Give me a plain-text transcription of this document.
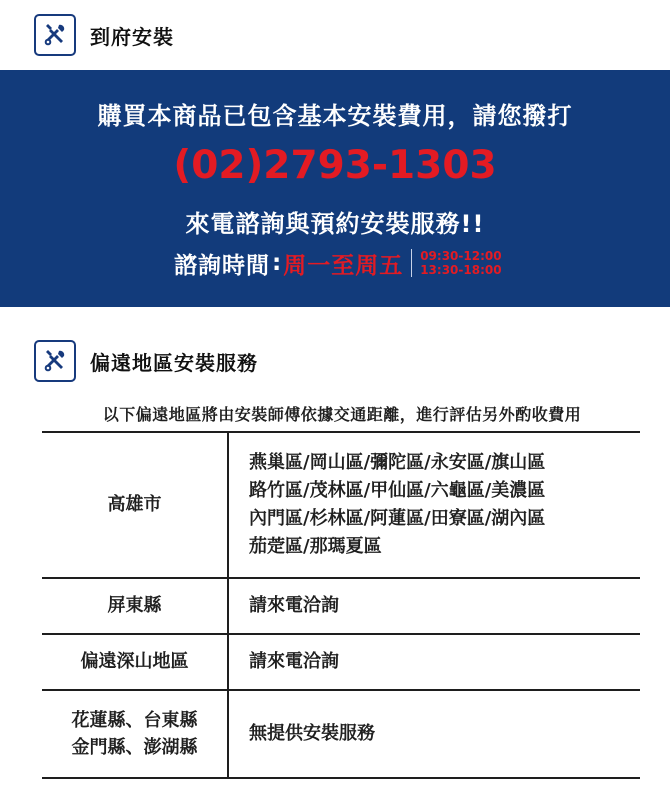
到府安裝
購買本商品已包含基本安裝費用，請您撥打
(02)2793-1303
來電諮詢與預約安裝服務!!
諮詢時間 : 周一至周五 09:30-12:00
13:30-18:00
偏遠地區安裝服務
以下偏遠地區將由安裝師傅依據交通距離，進行評估另外酌收費用
高雄市	燕巢區/岡山區/彌陀區/永安區/旗山區
路竹區/茂林區/甲仙區/六龜區/美濃區
內門區/杉林區/阿蓮區/田寮區/湖內區
茄萣區/那瑪夏區

屏東縣	請來電洽詢
偏遠深山地區	請來電洽詢

花蓮縣、台東縣
金門縣、澎湖縣	無提供安裝服務
